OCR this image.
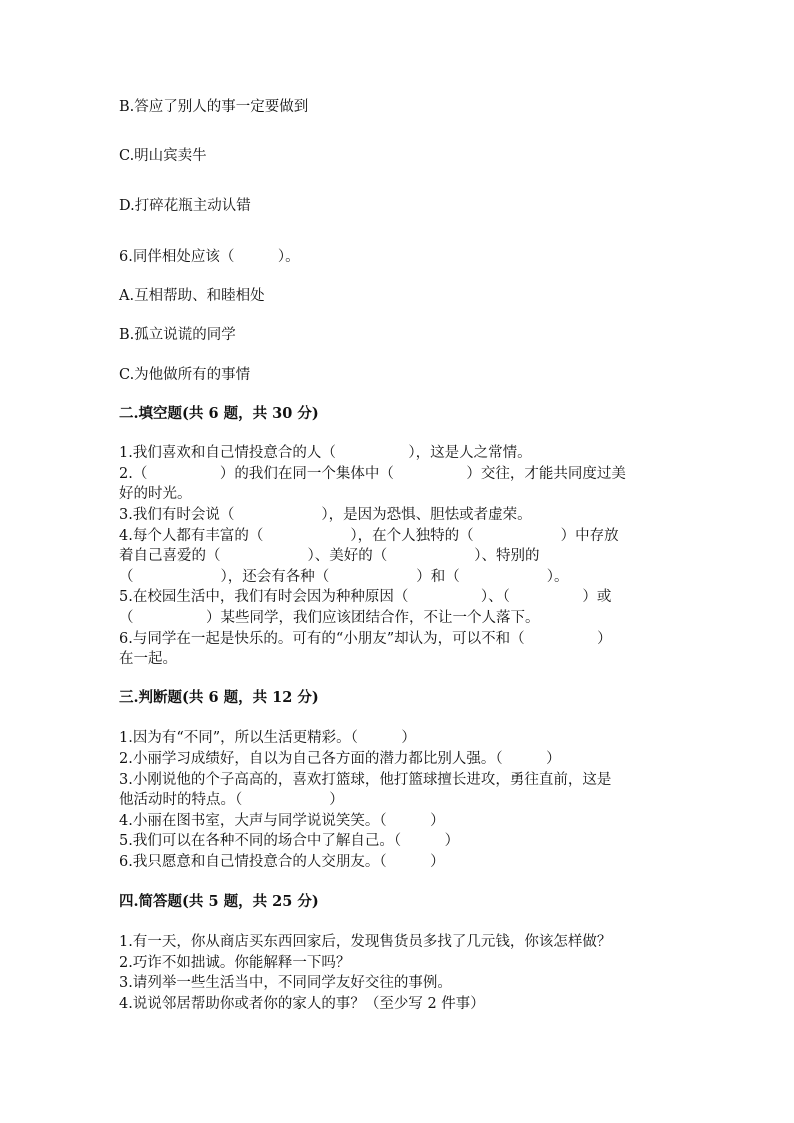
B.答应了别人的事一定要做到
C.明山宾卖牛
D.打碎花瓶主动认错
6.同伴相处应该（　　　）。
A.互相帮助、和睦相处
B.孤立说谎的同学
C.为他做所有的事情
二.填空题(共 6 题，共 30 分)
1.我们喜欢和自己情投意合的人（　　　　　），这是人之常情。
2.（　　　　　）的我们在同一个集体中（　　　　　）交往，才能共同度过美
好的时光。
3.我们有时会说（　　　　　　），是因为恐惧、胆怯或者虚荣。
4.每个人都有丰富的（　　　　　　），在个人独特的（　　　　　　）中存放
着自己喜爱的（　　　　　　）、美好的（　　　　　　）、特别的
（　　　　　　），还会有各种（　　　　　　）和（　　　　　　）。
5.在校园生活中，我们有时会因为种种原因（　　　　　）、（　　　　　）或
（　　　　　）某些同学，我们应该团结合作，不让一个人落下。
6.与同学在一起是快乐的。可有的“小朋友”却认为，可以不和（　　　　　）
在一起。
三.判断题(共 6 题，共 12 分)
1.因为有“不同”，所以生活更精彩。（　　　）
2.小丽学习成绩好，自以为自己各方面的潜力都比别人强。（　　　）
3.小刚说他的个子高高的，喜欢打篮球，他打篮球擅长进攻，勇往直前，这是
他活动时的特点。（　　　　　　）
4.小丽在图书室，大声与同学说说笑笑。（　　　）
5.我们可以在各种不同的场合中了解自己。（　　　）
6.我只愿意和自己情投意合的人交朋友。（　　　）
四.简答题(共 5 题，共 25 分)
1.有一天，你从商店买东西回家后，发现售货员多找了几元钱，你该怎样做？
2.巧诈不如拙诚。你能解释一下吗？
3.请列举一些生活当中，不同同学友好交往的事例。
4.说说邻居帮助你或者你的家人的事？（至少写 2 件事）
